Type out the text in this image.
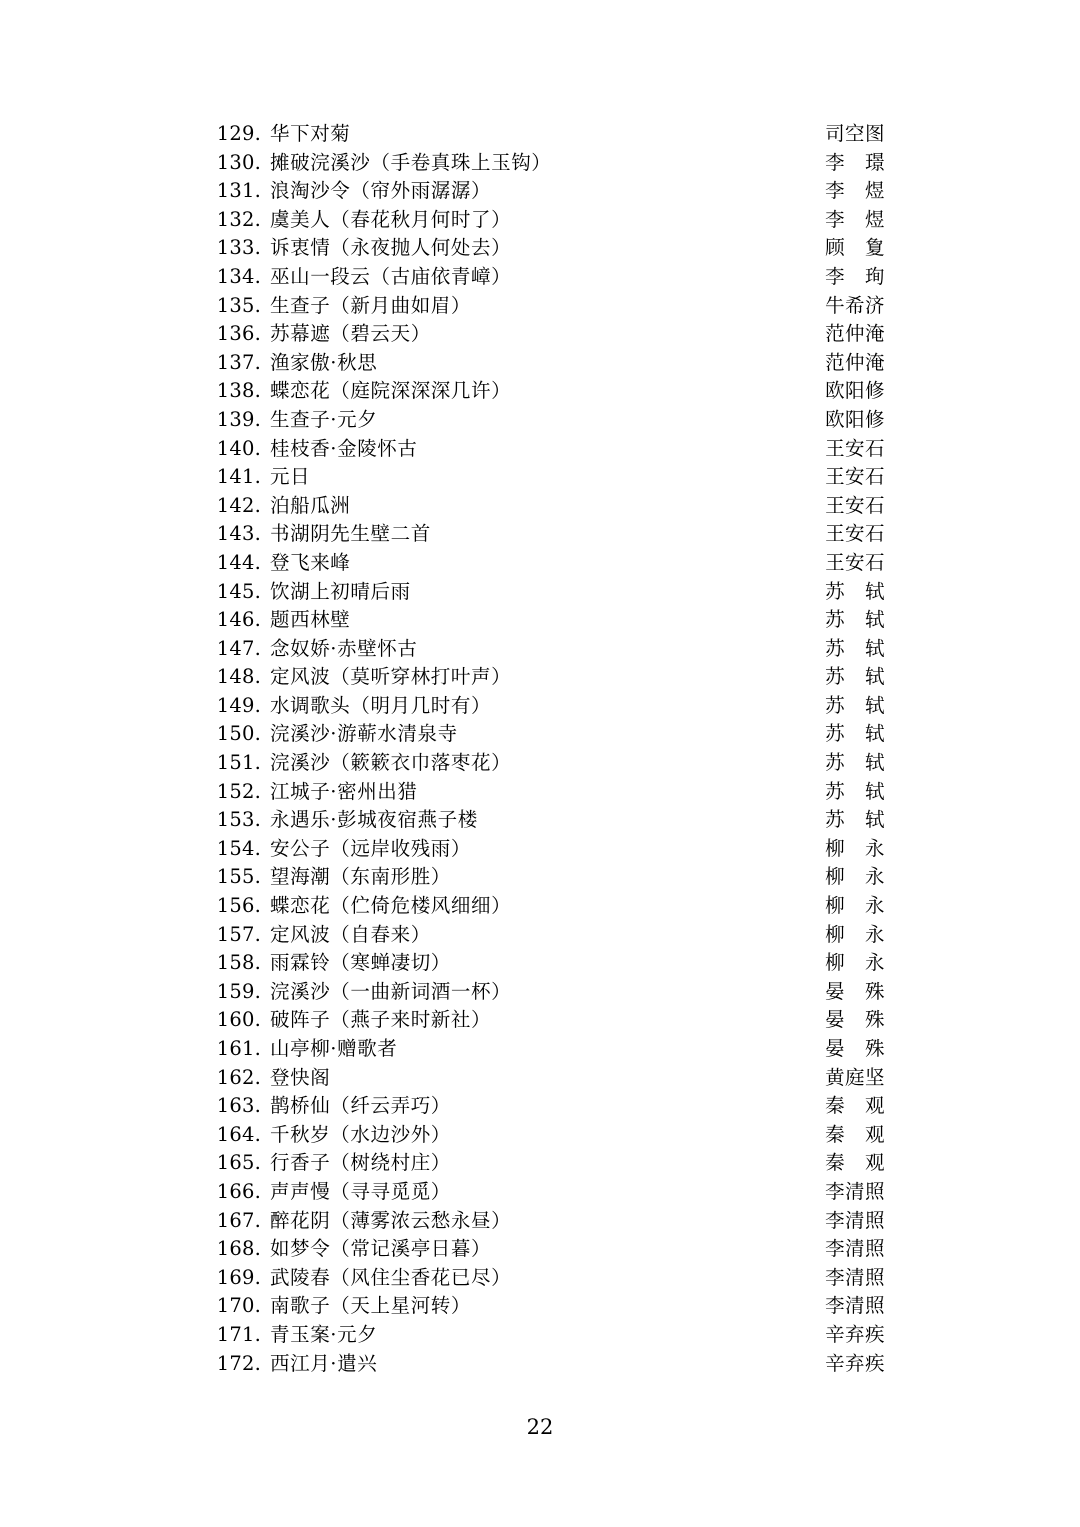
129. 华下对菊	司空图
130. 摊破浣溪沙（手卷真珠上玉钩）	李　璟
131. 浪淘沙令（帘外雨潺潺）	李　煜
132. 虞美人（春花秋月何时了）	李　煜
133. 诉衷情（永夜抛人何处去）	顾　夐
134. 巫山一段云（古庙依青嶂）	李　珣
135. 生查子（新月曲如眉）	牛希济
136. 苏幕遮（碧云天）	范仲淹
137. 渔家傲·秋思	范仲淹
138. 蝶恋花（庭院深深深几许）	欧阳修
139. 生查子·元夕	欧阳修
140. 桂枝香·金陵怀古	王安石
141. 元日	王安石
142. 泊船瓜洲	王安石
143. 书湖阴先生壁二首	王安石
144. 登飞来峰	王安石
145. 饮湖上初晴后雨	苏　轼
146. 题西林壁	苏　轼
147. 念奴娇·赤壁怀古	苏　轼
148. 定风波（莫听穿林打叶声）	苏　轼
149. 水调歌头（明月几时有）	苏　轼
150. 浣溪沙·游蕲水清泉寺	苏　轼
151. 浣溪沙（簌簌衣巾落枣花）	苏　轼
152. 江城子·密州出猎	苏　轼
153. 永遇乐·彭城夜宿燕子楼	苏　轼
154. 安公子（远岸收残雨）	柳　永
155. 望海潮（东南形胜）	柳　永
156. 蝶恋花（伫倚危楼风细细）	柳　永
157. 定风波（自春来）	柳　永
158. 雨霖铃（寒蝉凄切）	柳　永
159. 浣溪沙（一曲新词酒一杯）	晏　殊
160. 破阵子（燕子来时新社）	晏　殊
161. 山亭柳·赠歌者	晏　殊
162. 登快阁	黄庭坚
163. 鹊桥仙（纤云弄巧）	秦　观
164. 千秋岁（水边沙外）	秦　观
165. 行香子（树绕村庄）	秦　观
166. 声声慢（寻寻觅觅）	李清照
167. 醉花阴（薄雾浓云愁永昼）	李清照
168. 如梦令（常记溪亭日暮）	李清照
169. 武陵春（风住尘香花已尽）	李清照
170. 南歌子（天上星河转）	李清照
171. 青玉案·元夕	辛弃疾
172. 西江月·遣兴	辛弃疾
22
